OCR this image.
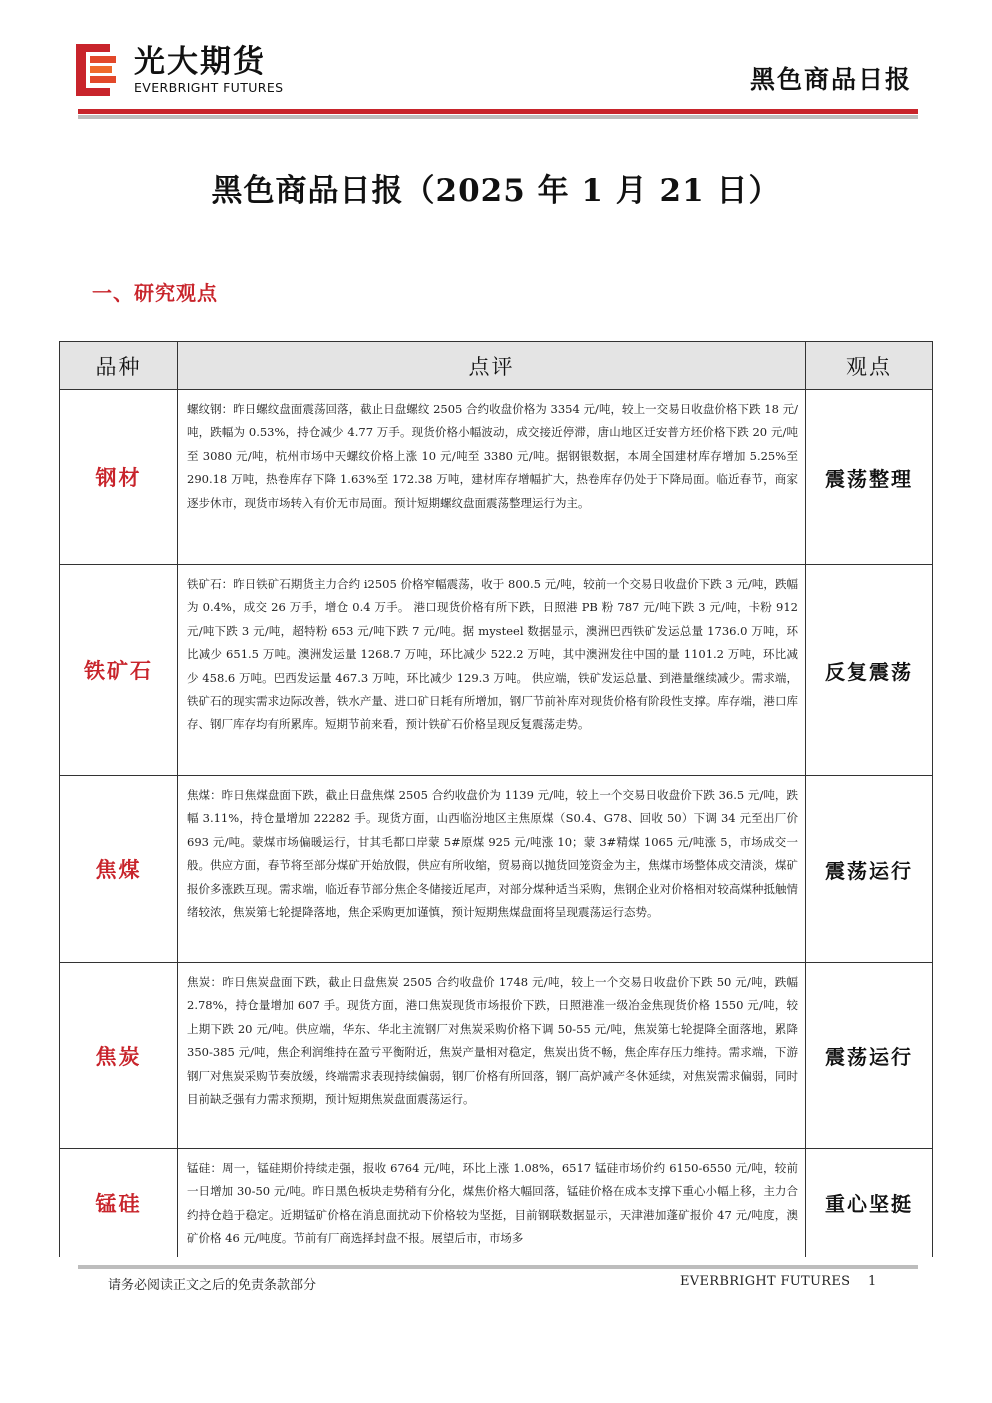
光大期货
EVERBRIGHT FUTURES	黑色商品日报
黑色商品日报（2025 年 1 月 21 日）
一、研究观点
品种	点评	观点
钢材	螺纹钢：昨日螺纹盘面震荡回落，截止日盘螺纹 2505 合约收盘价格为 3354 元/吨，较上一交易日收盘价格下跌 18 元/吨，跌幅为 0.53%，持仓减少 4.77 万手。现货价格小幅波动，成交接近停滞，唐山地区迁安普方坯价格下跌 20 元/吨至 3080 元/吨，杭州市场中天螺纹价格上涨 10 元/吨至 3380 元/吨。据钢银数据，本周全国建材库存增加 5.25%至 290.18 万吨，热卷库存下降 1.63%至 172.38 万吨，建材库存增幅扩大，热卷库存仍处于下降局面。临近春节，商家逐步休市，现货市场转入有价无市局面。预计短期螺纹盘面震荡整理运行为主。	震荡整理
铁矿石	铁矿石：昨日铁矿石期货主力合约 i2505 价格窄幅震荡，收于 800.5 元/吨，较前一个交易日收盘价下跌 3 元/吨，跌幅为 0.4%，成交 26 万手，增仓 0.4 万手。 港口现货价格有所下跌，日照港 PB 粉 787 元/吨下跌 3 元/吨，卡粉 912 元/吨下跌 3 元/吨，超特粉 653 元/吨下跌 7 元/吨。据 mysteel 数据显示，澳洲巴西铁矿发运总量 1736.0 万吨，环比减少 651.5 万吨。澳洲发运量 1268.7 万吨，环比减少 522.2 万吨，其中澳洲发往中国的量 1101.2 万吨，环比减少 458.6 万吨。巴西发运量 467.3 万吨，环比减少 129.3 万吨。 供应端，铁矿发运总量、到港量继续减少。需求端，铁矿石的现实需求边际改善，铁水产量、进口矿日耗有所增加，钢厂节前补库对现货价格有阶段性支撑。库存端，港口库存、钢厂库存均有所累库。短期节前来看，预计铁矿石价格呈现反复震荡走势。	反复震荡
焦煤	焦煤：昨日焦煤盘面下跌，截止日盘焦煤 2505 合约收盘价为 1139 元/吨，较上一个交易日收盘价下跌 36.5 元/吨，跌幅 3.11%，持仓量增加 22282 手。现货方面，山西临汾地区主焦原煤（S0.4、G78、回收 50）下调 34 元至出厂价 693 元/吨。蒙煤市场偏暖运行，甘其毛都口岸蒙 5#原煤 925 元/吨涨 10；蒙 3#精煤 1065 元/吨涨 5，市场成交一般。供应方面，春节将至部分煤矿开始放假，供应有所收缩，贸易商以抛货回笼资金为主，焦煤市场整体成交清淡，煤矿报价多涨跌互现。需求端，临近春节部分焦企冬储接近尾声，对部分煤种适当采购，焦钢企业对价格相对较高煤种抵触情绪较浓，焦炭第七轮提降落地，焦企采购更加谨慎，预计短期焦煤盘面将呈现震荡运行态势。	震荡运行
焦炭	焦炭：昨日焦炭盘面下跌，截止日盘焦炭 2505 合约收盘价 1748 元/吨，较上一个交易日收盘价下跌 50 元/吨，跌幅 2.78%，持仓量增加 607 手。现货方面，港口焦炭现货市场报价下跌，日照港准一级冶金焦现货价格 1550 元/吨，较上期下跌 20 元/吨。供应端，华东、华北主流钢厂对焦炭采购价格下调 50-55 元/吨，焦炭第七轮提降全面落地，累降 350-385 元/吨，焦企利润维持在盈亏平衡附近，焦炭产量相对稳定，焦炭出货不畅，焦企库存压力维持。需求端，下游钢厂对焦炭采购节奏放缓，终端需求表现持续偏弱，钢厂价格有所回落，钢厂高炉减产冬休延续，对焦炭需求偏弱，同时目前缺乏强有力需求预期，预计短期焦炭盘面震荡运行。	震荡运行
锰硅	锰硅：周一，锰硅期价持续走强，报收 6764 元/吨，环比上涨 1.08%，6517 锰硅市场价约 6150-6550 元/吨，较前一日增加 30-50 元/吨。昨日黑色板块走势稍有分化，煤焦价格大幅回落，锰硅价格在成本支撑下重心小幅上移，主力合约持仓趋于稳定。近期锰矿价格在消息面扰动下价格较为坚挺，目前钢联数据显示，天津港加蓬矿报价 47 元/吨度，澳矿价格 46 元/吨度。节前有厂商选择封盘不报。展望后市，市场多	重心坚挺
请务必阅读正文之后的免责条款部分	EVERBRIGHT FUTURES 1
